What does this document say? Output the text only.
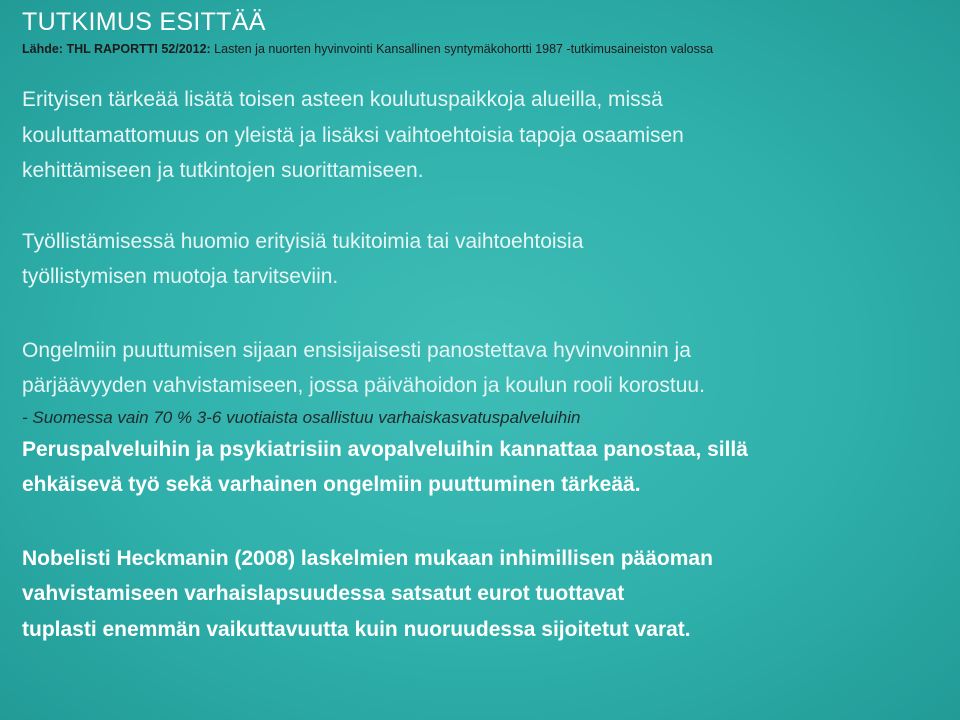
TUTKIMUS ESITTÄÄ
Lähde: THL RAPORTTI 52/2012: Lasten ja nuorten hyvinvointi Kansallinen syntymäkohortti 1987 -tutkimusaineiston valossa

Erityisen tärkeää lisätä toisen asteen koulutuspaikkoja alueilla, missä

kouluttamattomuus on yleistä ja lisäksi vaihtoehtoisia tapoja osaamisen

kehittämiseen ja tutkintojen suorittamiseen.

Työllistämisessä huomio erityisiä tukitoimia tai vaihtoehtoisia

työllistymisen muotoja tarvitseviin.

Ongelmiin puuttumisen sijaan ensisijaisesti panostettava hyvinvoinnin ja

pärjäävyyden vahvistamiseen, jossa päivähoidon ja koulun rooli korostuu.

- Suomessa vain 70 % 3-6 vuotiaista osallistuu varhaiskasvatuspalveluihin

Peruspalveluihin ja psykiatrisiin avopalveluihin kannattaa panostaa, sillä

ehkäisevä työ sekä varhainen ongelmiin puuttuminen tärkeää.

Nobelisti Heckmanin (2008) laskelmien mukaan inhimillisen pääoman

vahvistamiseen varhaislapsuudessa satsatut eurot tuottavat

tuplasti enemmän vaikuttavuutta kuin nuoruudessa sijoitetut varat.
